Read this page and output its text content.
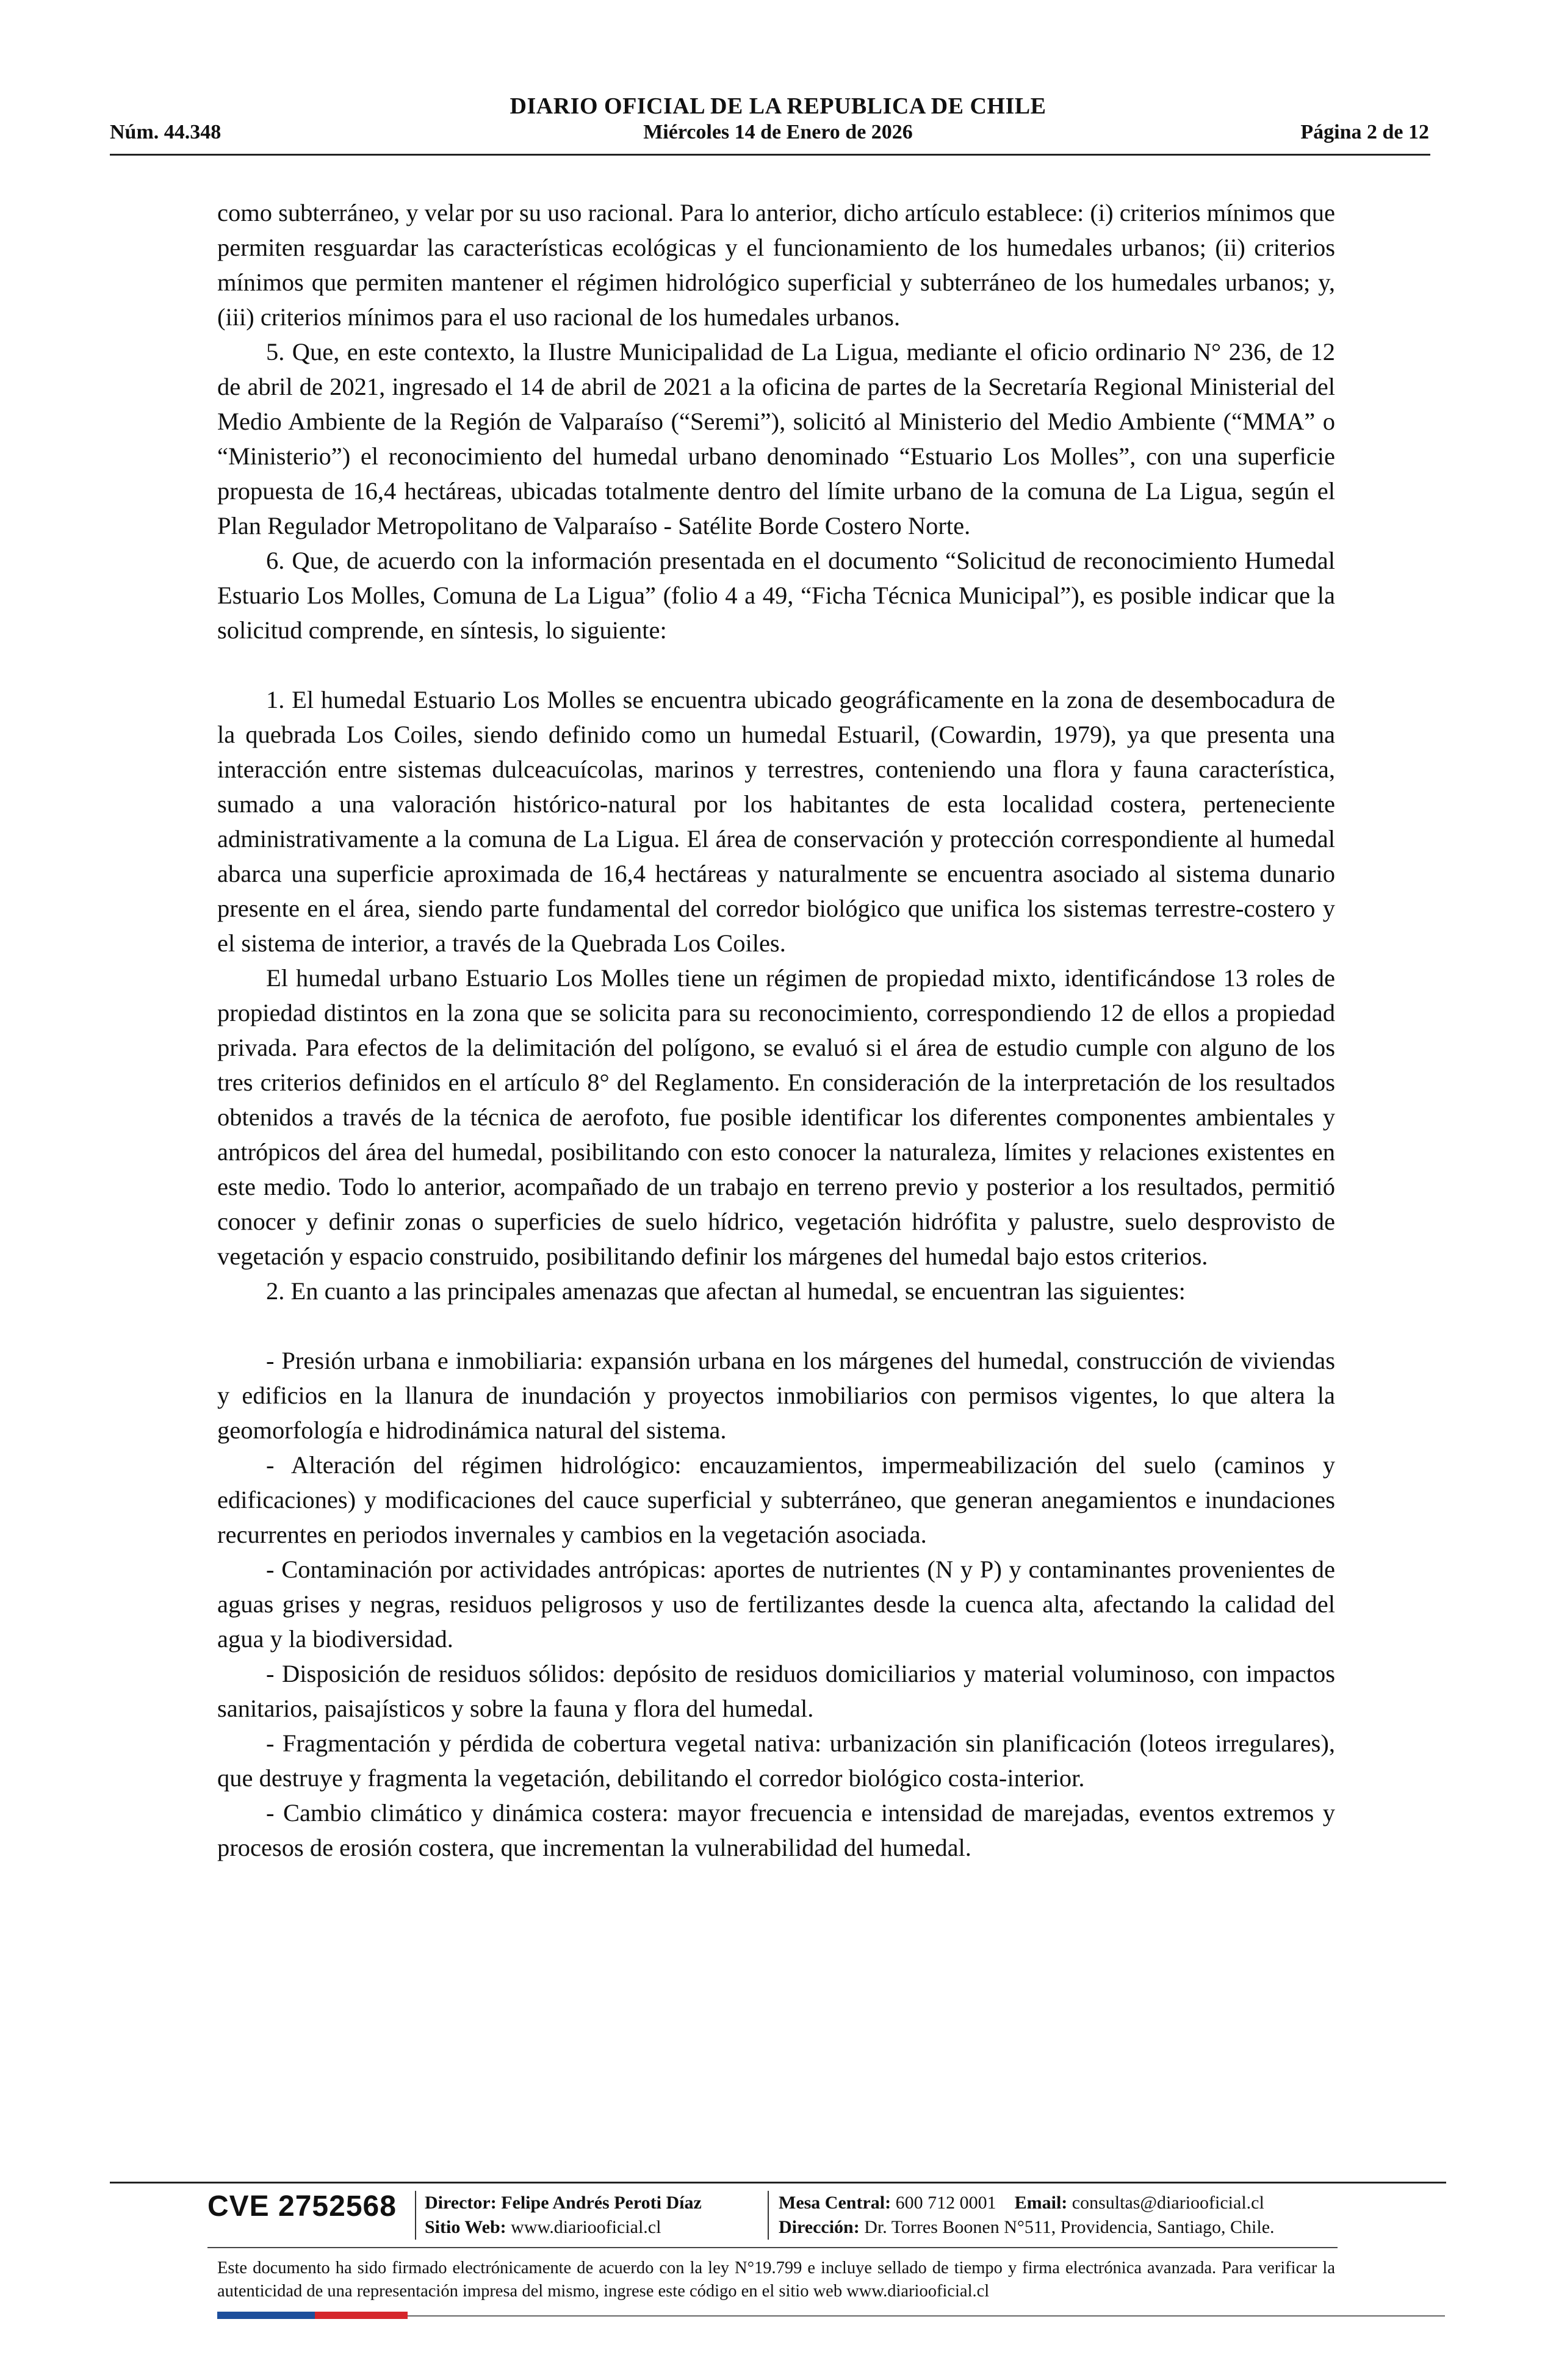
DIARIO OFICIAL DE LA REPUBLICA DE CHILE
Núm. 44.348	Miércoles 14 de Enero de 2026	Página 2 de 12

como subterráneo, y velar por su uso racional. Para lo anterior, dicho artículo establece: (i) criterios mínimos que permiten resguardar las características ecológicas y el funcionamiento de los humedales urbanos; (ii) criterios mínimos que permiten mantener el régimen hidrológico superficial y subterráneo de los humedales urbanos; y, (iii) criterios mínimos para el uso racional de los humedales urbanos.

5. Que, en este contexto, la Ilustre Municipalidad de La Ligua, mediante el oficio ordinario N° 236, de 12 de abril de 2021, ingresado el 14 de abril de 2021 a la oficina de partes de la Secretaría Regional Ministerial del Medio Ambiente de la Región de Valparaíso (“Seremi”), solicitó al Ministerio del Medio Ambiente (“MMA” o “Ministerio”) el reconocimiento del humedal urbano denominado “Estuario Los Molles”, con una superficie propuesta de 16,4 hectáreas, ubicadas totalmente dentro del límite urbano de la comuna de La Ligua, según el Plan Regulador Metropolitano de Valparaíso - Satélite Borde Costero Norte.

6. Que, de acuerdo con la información presentada en el documento “Solicitud de reconocimiento Humedal Estuario Los Molles, Comuna de La Ligua” (folio 4 a 49, “Ficha Técnica Municipal”), es posible indicar que la solicitud comprende, en síntesis, lo siguiente:

1. El humedal Estuario Los Molles se encuentra ubicado geográficamente en la zona de desembocadura de la quebrada Los Coiles, siendo definido como un humedal Estuaril, (Cowardin, 1979), ya que presenta una interacción entre sistemas dulceacuícolas, marinos y terrestres, conteniendo una flora y fauna característica, sumado a una valoración histórico-natural por los habitantes de esta localidad costera, perteneciente administrativamente a la comuna de La Ligua. El área de conservación y protección correspondiente al humedal abarca una superficie aproximada de 16,4 hectáreas y naturalmente se encuentra asociado al sistema dunario presente en el área, siendo parte fundamental del corredor biológico que unifica los sistemas terrestre-costero y el sistema de interior, a través de la Quebrada Los Coiles.

El humedal urbano Estuario Los Molles tiene un régimen de propiedad mixto, identificándose 13 roles de propiedad distintos en la zona que se solicita para su reconocimiento, correspondiendo 12 de ellos a propiedad privada. Para efectos de la delimitación del polígono, se evaluó si el área de estudio cumple con alguno de los tres criterios definidos en el artículo 8° del Reglamento. En consideración de la interpretación de los resultados obtenidos a través de la técnica de aerofoto, fue posible identificar los diferentes componentes ambientales y antrópicos del área del humedal, posibilitando con esto conocer la naturaleza, límites y relaciones existentes en este medio. Todo lo anterior, acompañado de un trabajo en terreno previo y posterior a los resultados, permitió conocer y definir zonas o superficies de suelo hídrico, vegetación hidrófita y palustre, suelo desprovisto de vegetación y espacio construido, posibilitando definir los márgenes del humedal bajo estos criterios.

2. En cuanto a las principales amenazas que afectan al humedal, se encuentran las siguientes:

- Presión urbana e inmobiliaria: expansión urbana en los márgenes del humedal, construcción de viviendas y edificios en la llanura de inundación y proyectos inmobiliarios con permisos vigentes, lo que altera la geomorfología e hidrodinámica natural del sistema.

- Alteración del régimen hidrológico: encauzamientos, impermeabilización del suelo (caminos y edificaciones) y modificaciones del cauce superficial y subterráneo, que generan anegamientos e inundaciones recurrentes en periodos invernales y cambios en la vegetación asociada.

- Contaminación por actividades antrópicas: aportes de nutrientes (N y P) y contaminantes provenientes de aguas grises y negras, residuos peligrosos y uso de fertilizantes desde la cuenca alta, afectando la calidad del agua y la biodiversidad.

- Disposición de residuos sólidos: depósito de residuos domiciliarios y material voluminoso, con impactos sanitarios, paisajísticos y sobre la fauna y flora del humedal.

- Fragmentación y pérdida de cobertura vegetal nativa: urbanización sin planificación (loteos irregulares), que destruye y fragmenta la vegetación, debilitando el corredor biológico costa-interior.

- Cambio climático y dinámica costera: mayor frecuencia e intensidad de marejadas, eventos extremos y procesos de erosión costera, que incrementan la vulnerabilidad del humedal.

CVE 2752568 Director: Felipe Andrés Peroti Díaz
Sitio Web: www.diariooficial.cl
Mesa Central: 600 712 0001 Email: consultas@diariooficial.cl
Dirección: Dr. Torres Boonen N°511, Providencia, Santiago, Chile.
Este documento ha sido firmado electrónicamente de acuerdo con la ley N°19.799 e incluye sellado de tiempo y firma electrónica avanzada. Para verificar la autenticidad de una representación impresa del mismo, ingrese este código en el sitio web www.diariooficial.cl
